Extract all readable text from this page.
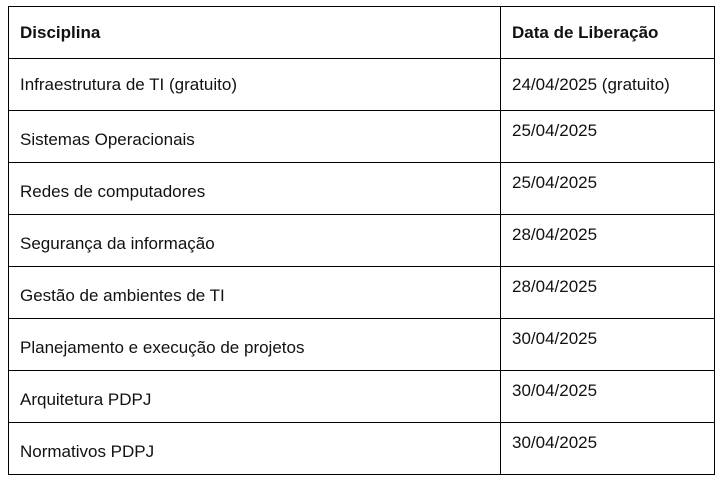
Disciplina	Data de Liberação
Infraestrutura de TI (gratuito)	24/04/2025 (gratuito)
Sistemas Operacionais	25/04/2025
Redes de computadores	25/04/2025
Segurança da informação	28/04/2025
Gestão de ambientes de TI	28/04/2025
Planejamento e execução de projetos	30/04/2025
Arquitetura PDPJ	30/04/2025
Normativos PDPJ	30/04/2025
